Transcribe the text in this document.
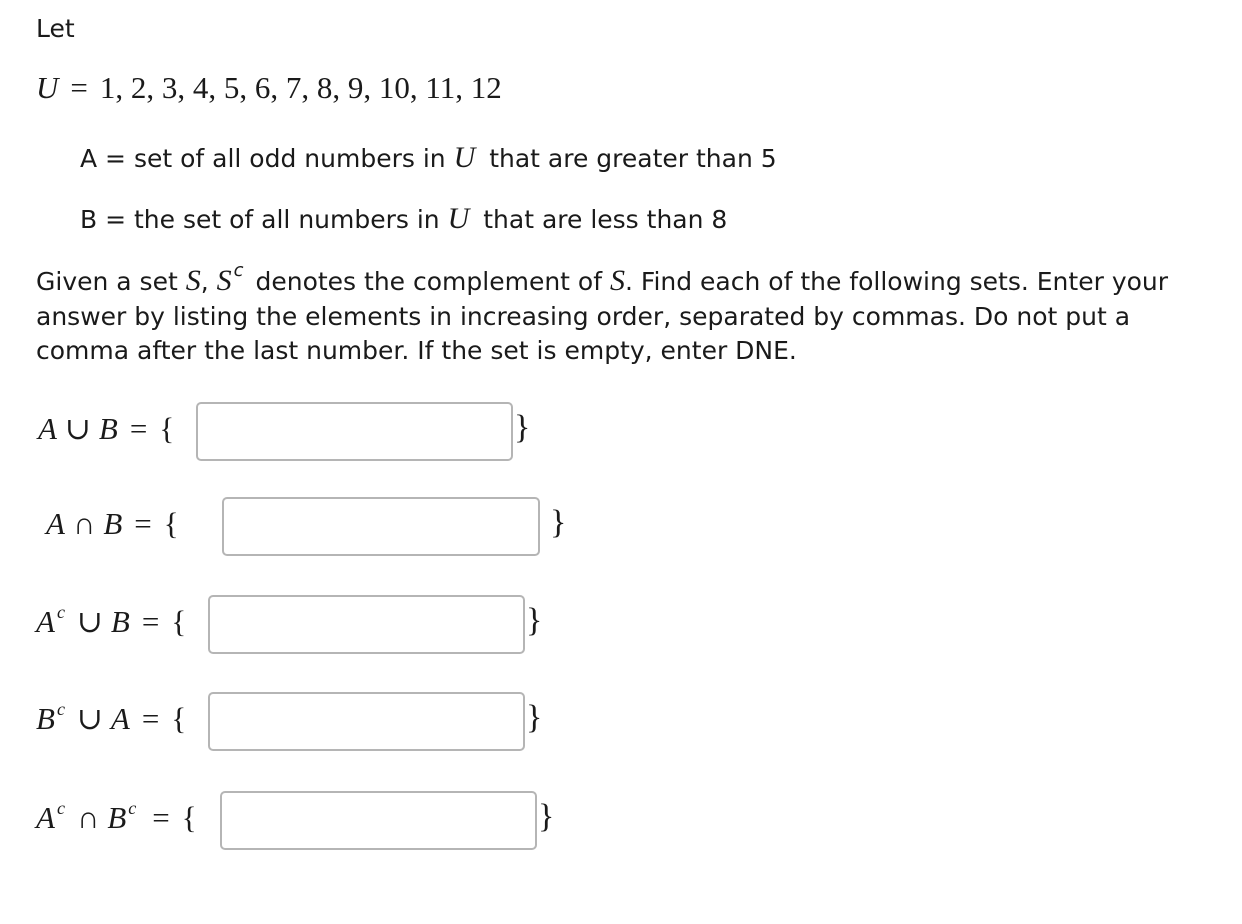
Let
U = 1, 2, 3, 4, 5, 6, 7, 8, 9, 10, 11, 12
A = set of all odd numbers in U that are greater than 5
B = the set of all numbers in U that are less than 8
Given a set S, S $^c$ denotes the complement of S. Find each of the following sets. Enter your answer by listing the elements in increasing order, separated by commas. Do not put a comma after the last number. If the set is empty, enter DNE.
A ∪ B = {	}
A ∩ B = {	}
A $^c$ ∪ B = {	}
B $^c$ ∪ A = {	}
A $^c$ ∩ B $^c$ = {	}
